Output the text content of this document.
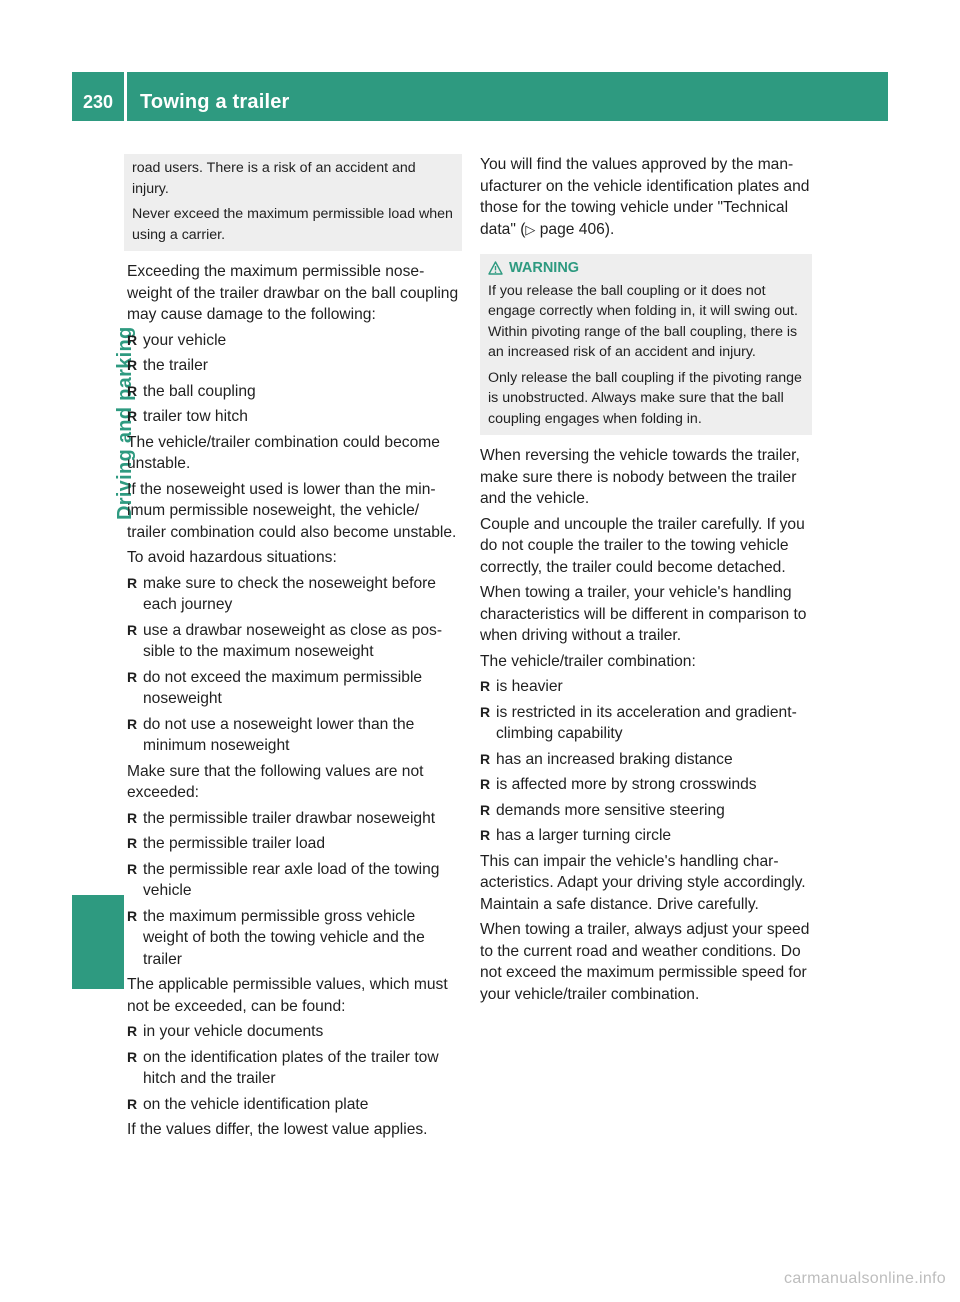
230	Towing a trailer
Driving and parking

road users. There is a risk of an accident and injury.

Never exceed the maximum permissible load when using a carrier.

Exceeding the maximum permissible noseweight of the trailer drawbar on the ball coupling may cause damage to the following:

R your vehicle
R the trailer
R the ball coupling
R trailer tow hitch

The vehicle/trailer combination could become unstable.

If the noseweight used is lower than the minimum permissible noseweight, the vehicle/ trailer combination could also become unstable.

To avoid hazardous situations:

R make sure to check the noseweight before each journey
R use a drawbar noseweight as close as possible to the maximum noseweight
R do not exceed the maximum permissible noseweight
R do not use a noseweight lower than the minimum noseweight

Make sure that the following values are not exceeded:

R the permissible trailer drawbar noseweight
R the permissible trailer load
R the permissible rear axle load of the towing vehicle
R the maximum permissible gross vehicle weight of both the towing vehicle and the trailer

The applicable permissible values, which must not be exceeded, can be found:

R in your vehicle documents
R on the identification plates of the trailer tow hitch and the trailer
R on the vehicle identification plate

If the values differ, the lowest value applies.

You will find the values approved by the manufacturer on the vehicle identification plates and those for the towing vehicle under "Technical data" (▷ page 406).

WARNING

If you release the ball coupling or it does not engage correctly when folding in, it will swing out. Within pivoting range of the ball coupling, there is an increased risk of an accident and injury.

Only release the ball coupling if the pivoting range is unobstructed. Always make sure that the ball coupling engages when folding in.

When reversing the vehicle towards the trailer, make sure there is nobody between the trailer and the vehicle.

Couple and uncouple the trailer carefully. If you do not couple the trailer to the towing vehicle correctly, the trailer could become detached.

When towing a trailer, your vehicle's handling characteristics will be different in comparison to when driving without a trailer.

The vehicle/trailer combination:

R is heavier
R is restricted in its acceleration and gradient-climbing capability
R has an increased braking distance
R is affected more by strong crosswinds
R demands more sensitive steering
R has a larger turning circle

This can impair the vehicle's handling characteristics. Adapt your driving style accordingly. Maintain a safe distance. Drive carefully.

When towing a trailer, always adjust your speed to the current road and weather conditions. Do not exceed the maximum permissible speed for your vehicle/trailer combination.

carmanualsonline.info
